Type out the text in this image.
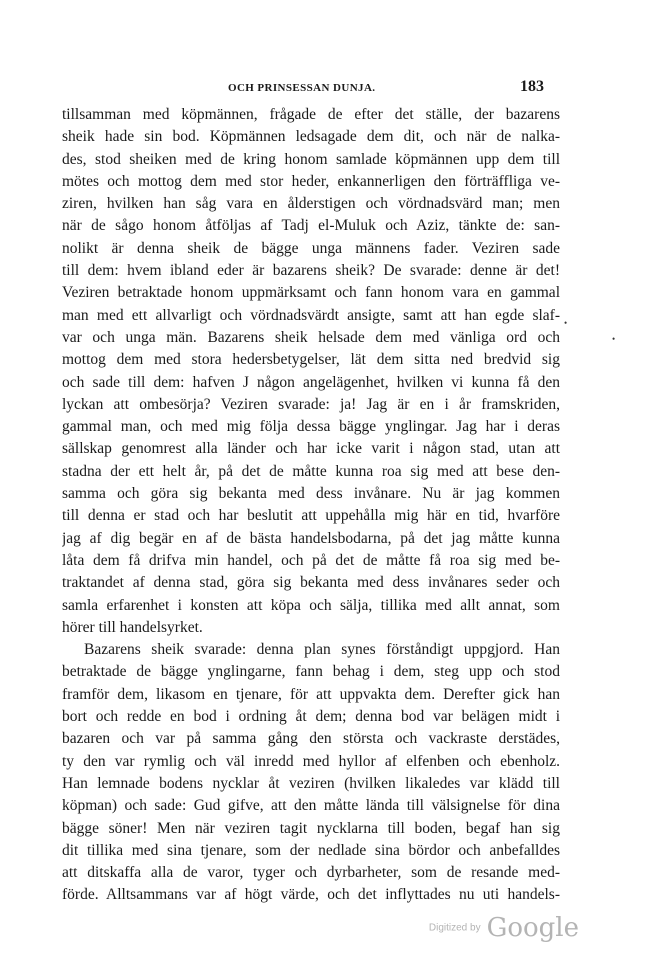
OCH PRINSESSAN DUNJA.	183
tillsamman med köpmännen, frågade de efter det ställe, der bazarens
sheik hade sin bod. Köpmännen ledsagade dem dit, och när de nalka-
des, stod sheiken med de kring honom samlade köpmännen upp dem till
mötes och mottog dem med stor heder, enkannerligen den förträffliga ve-
ziren, hvilken han såg vara en ålderstigen och vördnadsvärd man; men
när de sågo honom åtföljas af Tadj el-Muluk och Aziz, tänkte de: san-
nolikt är denna sheik de bägge unga männens fader. Veziren sade
till dem: hvem ibland eder är bazarens sheik? De svarade: denne är det!
Veziren betraktade honom uppmärksamt och fann honom vara en gammal
man med ett allvarligt och vördnadsvärdt ansigte, samt att han egde slaf-
var och unga män. Bazarens sheik helsade dem med vänliga ord och
mottog dem med stora hedersbetygelser, lät dem sitta ned bredvid sig
och sade till dem: hafven J någon angelägenhet, hvilken vi kunna få den
lyckan att ombesörja? Veziren svarade: ja! Jag är en i år framskriden,
gammal man, och med mig följa dessa bägge ynglingar. Jag har i deras
sällskap genomrest alla länder och har icke varit i någon stad, utan att
stadna der ett helt år, på det de måtte kunna roa sig med att bese den-
samma och göra sig bekanta med dess invånare. Nu är jag kommen
till denna er stad och har beslutit att uppehålla mig här en tid, hvarföre
jag af dig begär en af de bästa handelsbodarna, på det jag måtte kunna
låta dem få drifva min handel, och på det de måtte få roa sig med be-
traktandet af denna stad, göra sig bekanta med dess invånares seder och
samla erfarenhet i konsten att köpa och sälja, tillika med allt annat, som
hörer till handelsyrket.
Bazarens sheik svarade: denna plan synes förståndigt uppgjord. Han
betraktade de bägge ynglingarne, fann behag i dem, steg upp och stod
framför dem, likasom en tjenare, för att uppvakta dem. Derefter gick han
bort och redde en bod i ordning åt dem; denna bod var belägen midt i
bazaren och var på samma gång den största och vackraste derstädes,
ty den var rymlig och väl inredd med hyllor af elfenben och ebenholz.
Han lemnade bodens nycklar åt veziren (hvilken likaledes var klädd till
köpman) och sade: Gud gifve, att den måtte lända till välsignelse för dina
bägge söner! Men när veziren tagit nycklarna till boden, begaf han sig
dit tillika med sina tjenare, som der nedlade sina bördor och anbefalldes
att ditskaffa alla de varor, tyger och dyrbarheter, som de resande med-
förde. Alltsammans var af högt värde, och det inflyttades nu uti handels-
•
•
Digitized by Google
